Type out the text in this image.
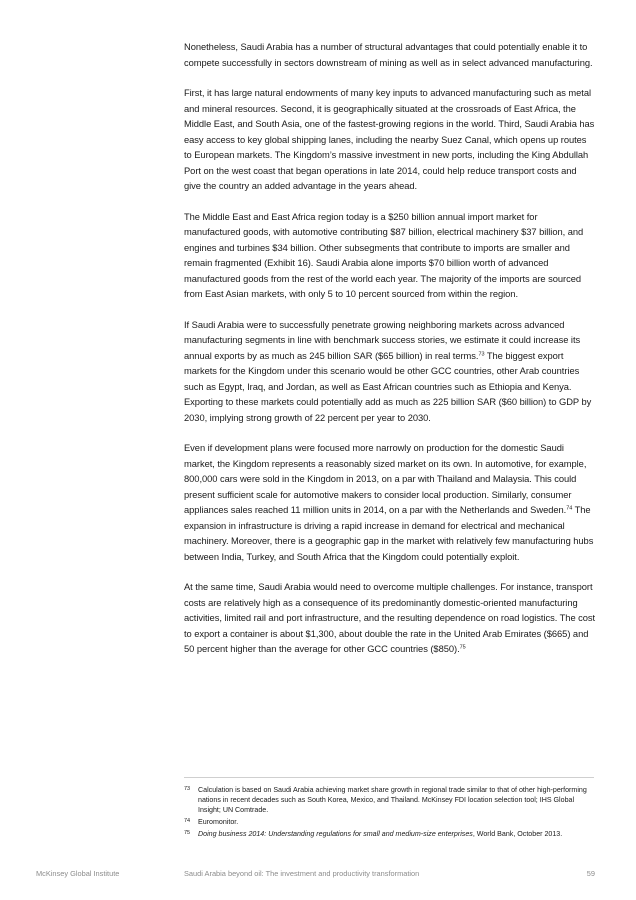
Nonetheless, Saudi Arabia has a number of structural advantages that could potentially enable it to compete successfully in sectors downstream of mining as well as in select advanced manufacturing.

First, it has large natural endowments of many key inputs to advanced manufacturing such as metal and mineral resources. Second, it is geographically situated at the crossroads of East Africa, the Middle East, and South Asia, one of the fastest-growing regions in the world. Third, Saudi Arabia has easy access to key global shipping lanes, including the nearby Suez Canal, which opens up routes to European markets. The Kingdom’s massive investment in new ports, including the King Abdullah Port on the west coast that began operations in late 2014, could help reduce transport costs and give the country an added advantage in the years ahead.

The Middle East and East Africa region today is a $250 billion annual import market for manufactured goods, with automotive contributing $87 billion, electrical machinery $37 billion, and engines and turbines $34 billion. Other subsegments that contribute to imports are smaller and remain fragmented (Exhibit 16). Saudi Arabia alone imports $70 billion worth of advanced manufactured goods from the rest of the world each year. The majority of the imports are sourced from East Asian markets, with only 5 to 10 percent sourced from within the region.

If Saudi Arabia were to successfully penetrate growing neighboring markets across advanced manufacturing segments in line with benchmark success stories, we estimate it could increase its annual exports by as much as 245 billion SAR ($65 billion) in real terms.$^{73}$ The biggest export markets for the Kingdom under this scenario would be other GCC countries, other Arab countries such as Egypt, Iraq, and Jordan, as well as East African countries such as Ethiopia and Kenya. Exporting to these markets could potentially add as much as 225 billion SAR ($60 billion) to GDP by 2030, implying strong growth of 22 percent per year to 2030.

Even if development plans were focused more narrowly on production for the domestic Saudi market, the Kingdom represents a reasonably sized market on its own. In automotive, for example, 800,000 cars were sold in the Kingdom in 2013, on a par with Thailand and Malaysia. This could present sufficient scale for automotive makers to consider local production. Similarly, consumer appliances sales reached 11 million units in 2014, on a par with the Netherlands and Sweden.$^{74}$ The expansion in infrastructure is driving a rapid increase in demand for electrical and mechanical machinery. Moreover, there is a geographic gap in the market with relatively few manufacturing hubs between India, Turkey, and South Africa that the Kingdom could potentially exploit.

At the same time, Saudi Arabia would need to overcome multiple challenges. For instance, transport costs are relatively high as a consequence of its predominantly domestic-oriented manufacturing activities, limited rail and port infrastructure, and the resulting dependence on road logistics. The cost to export a container is about $1,300, about double the rate in the United Arab Emirates ($665) and 50 percent higher than the average for other GCC countries ($850).$^{75}$

73 Calculation is based on Saudi Arabia achieving market share growth in regional trade similar to that of other high-performing nations in recent decades such as South Korea, Mexico, and Thailand. McKinsey FDI location selection tool; IHS Global Insight; UN Comtrade.
74 Euromonitor.
75 Doing business 2014: Understanding regulations for small and medium-size enterprises, World Bank, October 2013.
McKinsey Global Institute	Saudi Arabia beyond oil: The investment and productivity transformation	59
